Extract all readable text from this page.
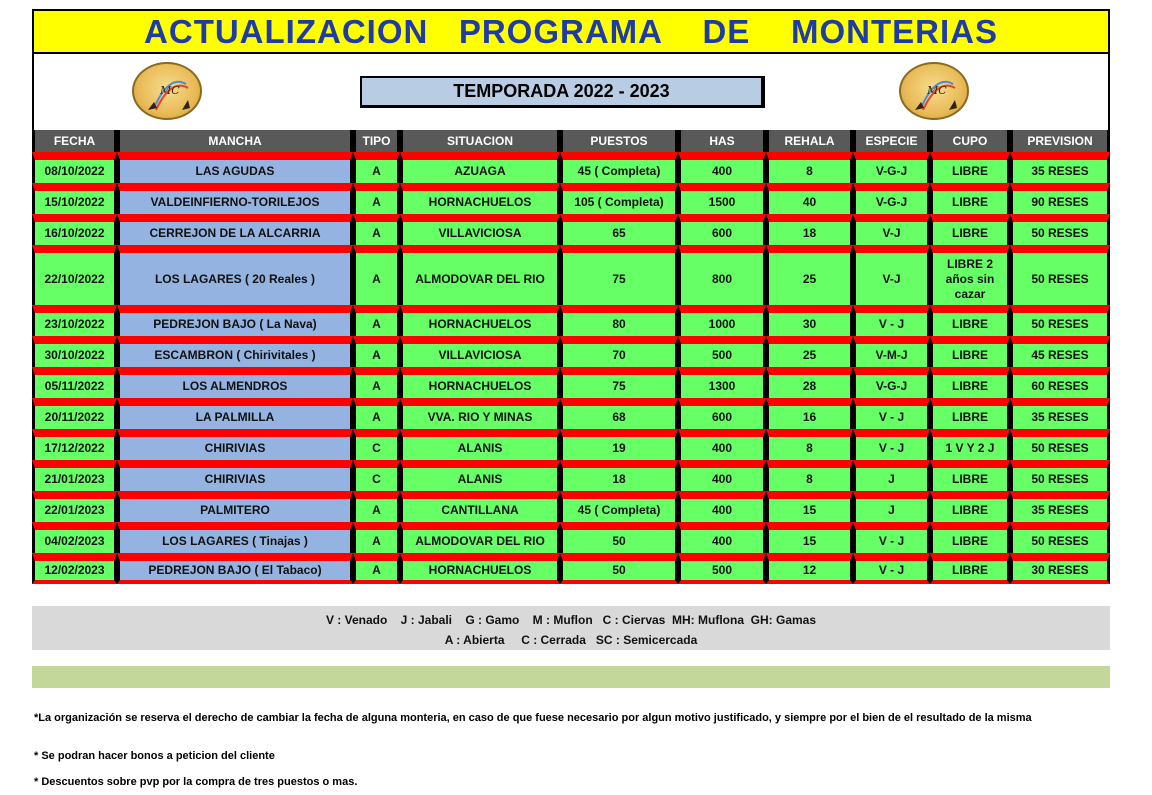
ACTUALIZACION   PROGRAMA    DE    MONTERIAS
MC	TEMPORADA 2022 - 2023	MC
FECHA	MANCHA	TIPO	SITUACION	PUESTOS	HAS	REHALA	ESPECIE	CUPO	PREVISION
08/10/2022	LAS AGUDAS	A	AZUAGA	45 ( Completa)	400	8	V-G-J	LIBRE	35 RESES
15/10/2022	VALDEINFIERNO-TORILEJOS	A	HORNACHUELOS	105 ( Completa)	1500	40	V-G-J	LIBRE	90 RESES
16/10/2022	CERREJON DE LA ALCARRIA	A	VILLAVICIOSA	65	600	18	V-J	LIBRE	50 RESES
22/10/2022	LOS LAGARES ( 20 Reales )	A	ALMODOVAR DEL RIO	75	800	25	V-J	LIBRE 2 años sin cazar	50 RESES
23/10/2022	PEDREJON BAJO ( La Nava)	A	HORNACHUELOS	80	1000	30	V - J	LIBRE	50 RESES
30/10/2022	ESCAMBRON ( Chirivitales )	A	VILLAVICIOSA	70	500	25	V-M-J	LIBRE	45 RESES
05/11/2022	LOS ALMENDROS	A	HORNACHUELOS	75	1300	28	V-G-J	LIBRE	60 RESES
20/11/2022	LA PALMILLA	A	VVA. RIO Y MINAS	68	600	16	V - J	LIBRE	35 RESES
17/12/2022	CHIRIVIAS	C	ALANIS	19	400	8	V - J	1 V Y 2 J	50 RESES
21/01/2023	CHIRIVIAS	C	ALANIS	18	400	8	J	LIBRE	50 RESES
22/01/2023	PALMITERO	A	CANTILLANA	45 ( Completa)	400	15	J	LIBRE	35 RESES
04/02/2023	LOS LAGARES ( Tinajas )	A	ALMODOVAR DEL RIO	50	400	15	V - J	LIBRE	50 RESES
12/02/2023	PEDREJON BAJO ( El Tabaco)	A	HORNACHUELOS	50	500	12	V - J	LIBRE	30 RESES
V : Venado    J : Jabali    G : Gamo    M : Muflon   C : Ciervas  MH: Muflona  GH: Gamas
A : Abierta     C : Cerrada   SC : Semicercada
*La organización se reserva el derecho de cambiar la fecha de alguna monteria, en caso de que fuese necesario por algun motivo justificado, y siempre por el bien de el resultado de la misma
* Se podran hacer bonos a peticion del cliente
* Descuentos sobre pvp por la compra de tres puestos o mas.
